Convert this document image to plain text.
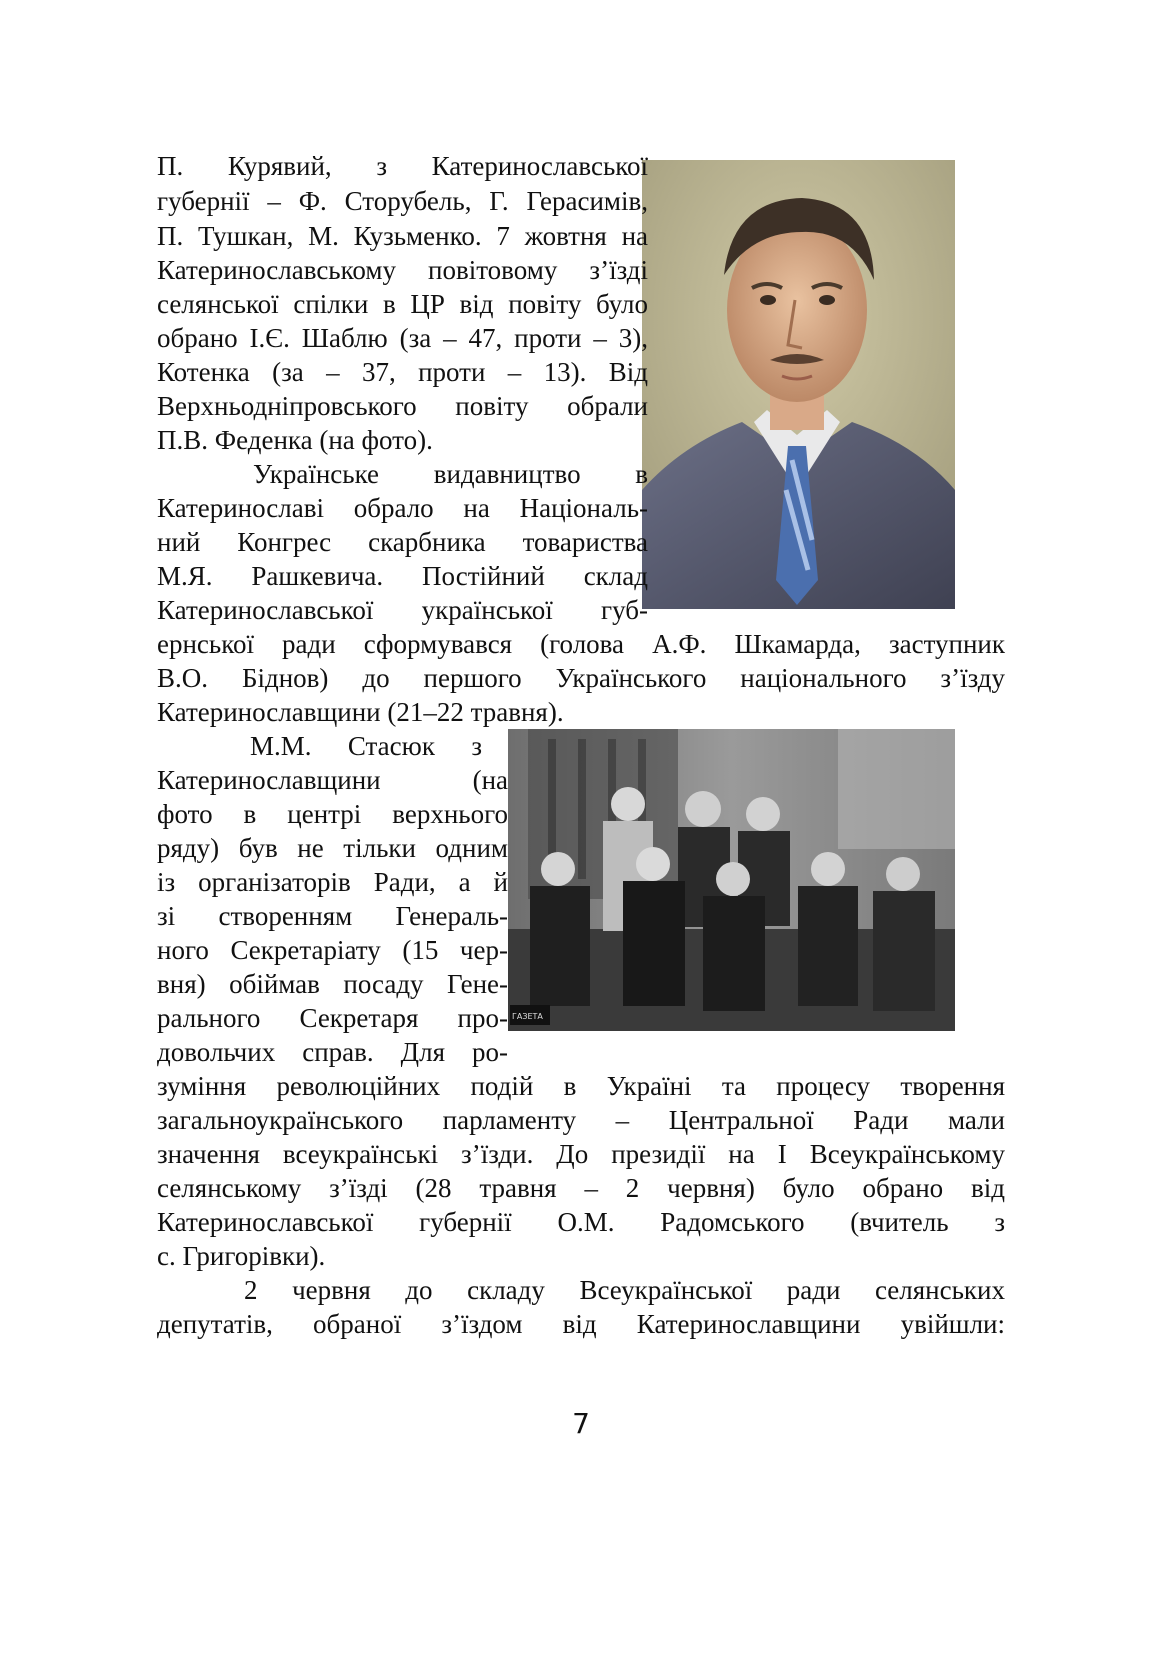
ГАЗЕТА
П. Курявий, з Катеринославської
губернії – Ф. Сторубель, Г. Герасимів,
П. Тушкан, М. Кузьменко. 7 жовтня на
Катеринославському повітовому з’їзді
селянської спілки в ЦР від повіту було
обрано І.Є. Шаблю (за – 47, проти – 3),
Котенка (за – 37, проти – 13). Від
Верхньодніпровського повіту обрали
П.В. Феденка (на фото).
Українське видавництво в
Катеринославі обрало на Національ-
ний Конгрес скарбника товариства
М.Я. Рашкевича. Постійний склад
Катеринославської української губ-
ернської ради сформувався (голова А.Ф. Шкамарда, заступник
В.О. Біднов) до першого Українського національного з’їзду
Катеринославщини (21–22 травня).
М.М. Стасюк з
Катеринославщини (на
фото в центрі верхнього
ряду) був не тільки одним
із організаторів Ради, а й
зі створенням Генераль-
ного Секретаріату (15 чер-
вня) обіймав посаду Гене-
рального Секретаря про-
довольчих справ. Для ро-
зуміння революційних подій в Україні та процесу творення
загальноукраїнського парламенту – Центральної Ради мали
значення всеукраїнські з’їзди. До президії на І Всеукраїнському
селянському з’їзді (28 травня – 2 червня) було обрано від
Катеринославської губернії О.М. Радомського (вчитель з
с. Григорівки).
2 червня до складу Всеукраїнської ради селянських
депутатів, обраної з’їздом від Катеринославщини увійшли:
7
